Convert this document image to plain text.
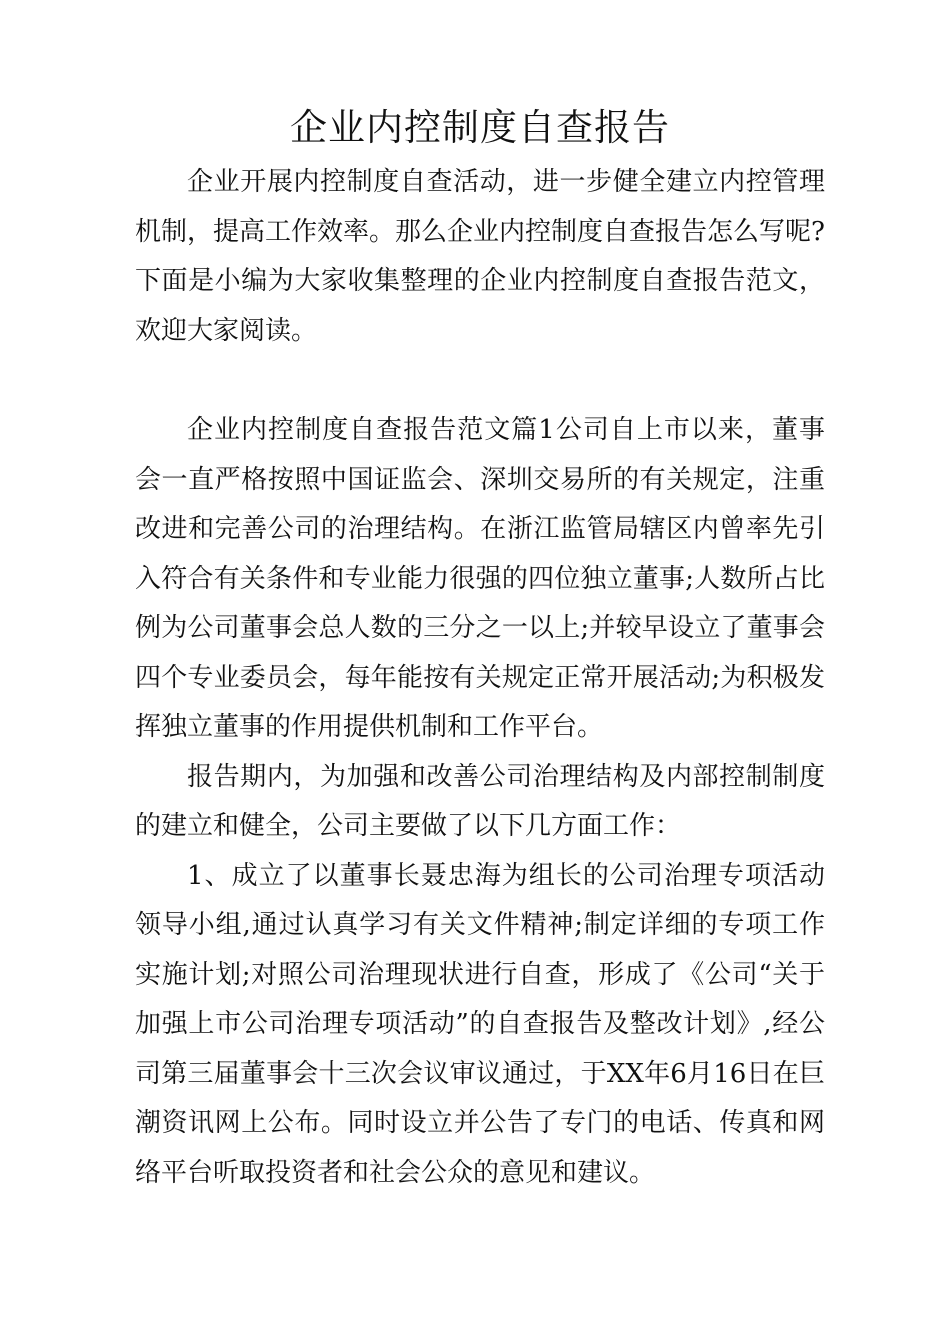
企业内控制度自查报告

企业开展内控制度自查活动，进一步健全建立内控管理机制，提高工作效率。那么企业内控制度自查报告怎么写呢?下面是小编为大家收集整理的企业内控制度自查报告范文，欢迎大家阅读。

企业内控制度自查报告范文篇1公司自上市以来，董事会一直严格按照中国证监会、深圳交易所的有关规定，注重改进和完善公司的治理结构。在浙江监管局辖区内曾率先引入符合有关条件和专业能力很强的四位独立董事;人数所占比例为公司董事会总人数的三分之一以上;并较早设立了董事会四个专业委员会，每年能按有关规定正常开展活动;为积极发挥独立董事的作用提供机制和工作平台。

报告期内，为加强和改善公司治理结构及内部控制制度的建立和健全，公司主要做了以下几方面工作：

1、成立了以董事长聂忠海为组长的公司治理专项活动领导小组,通过认真学习有关文件精神;制定详细的专项工作实施计划;对照公司治理现状进行自查，形成了《公司“关于加强上市公司治理专项活动”的自查报告及整改计划》,经公司第三届董事会十三次会议审议通过，于XX年6月16日在巨潮资讯网上公布。同时设立并公告了专门的电话、传真和网络平台听取投资者和社会公众的意见和建议。
